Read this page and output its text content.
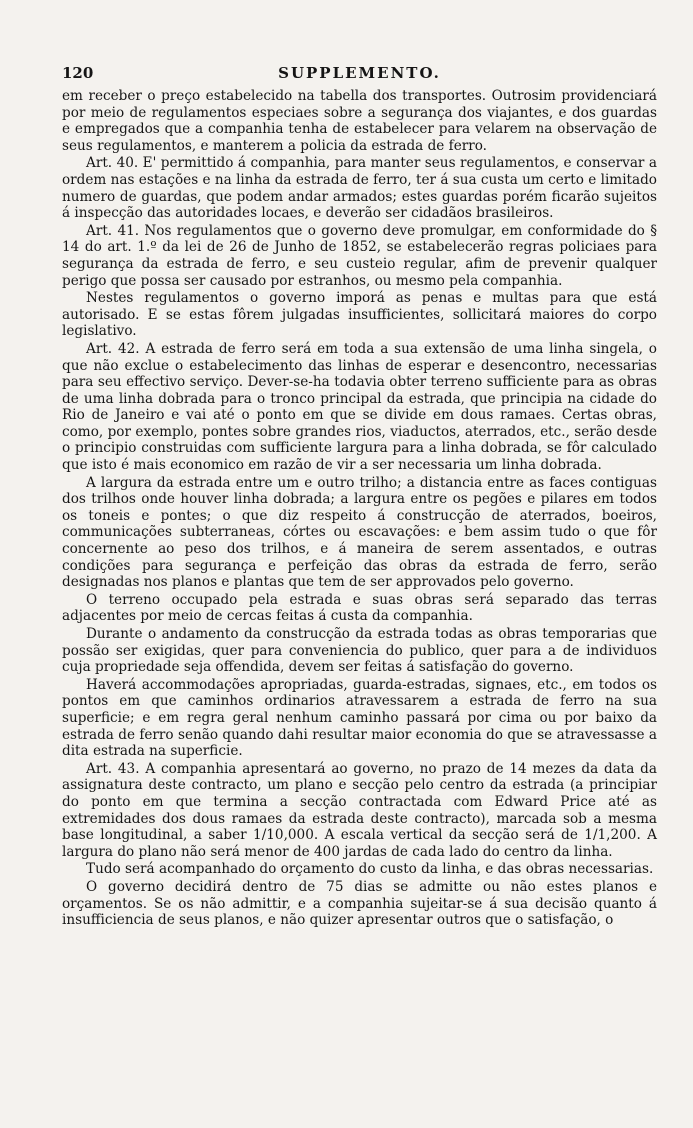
120	SUPPLEMENTO.

em receber o preço estabelecido na tabella dos transportes. Outrosim providenciará por meio de regulamentos especiaes sobre a segurança dos viajantes, e dos guardas e empregados que a companhia tenha de estabelecer para velarem na observação de seus regulamentos, e manterem a policia da estrada de ferro.

Art. 40. E' permittido á companhia, para manter seus regulamentos, e conservar a ordem nas estações e na linha da estrada de ferro, ter á sua custa um certo e limitado numero de guardas, que podem andar armados; estes guardas porém ficarão sujeitos á inspecção das autoridades locaes, e deverão ser cidadãos brasileiros.

Art. 41. Nos regulamentos que o governo deve promulgar, em conformidade do § 14 do art. 1.º da lei de 26 de Junho de 1852, se estabelecerão regras policiaes para segurança da estrada de ferro, e seu custeio regular, afim de prevenir qualquer perigo que possa ser causado por estranhos, ou mesmo pela companhia.

Nestes regulamentos o governo imporá as penas e multas para que está autorisado. E se estas fôrem julgadas insufficientes, sollicitará maiores do corpo legislativo.

Art. 42. A estrada de ferro será em toda a sua extensão de uma linha singela, o que não exclue o estabelecimento das linhas de esperar e desencontro, necessarias para seu effectivo serviço. Dever-se-ha todavia obter terreno sufficiente para as obras de uma linha dobrada para o tronco principal da estrada, que principia na cidade do Rio de Janeiro e vai até o ponto em que se divide em dous ramaes. Certas obras, como, por exemplo, pontes sobre grandes rios, viaductos, aterrados, etc., serão desde o principio construidas com sufficiente largura para a linha dobrada, se fôr calculado que isto é mais economico em razão de vir a ser necessaria um linha dobrada.

A largura da estrada entre um e outro trilho; a distancia entre as faces contiguas dos trilhos onde houver linha dobrada; a largura entre os pegões e pilares em todos os toneis e pontes; o que diz respeito á construcção de aterrados, boeiros, communicações subterraneas, córtes ou escavações: e bem assim tudo o que fôr concernente ao peso dos trilhos, e á maneira de serem assentados, e outras condições para segurança e perfeição das obras da estrada de ferro, serão designadas nos planos e plantas que tem de ser approvados pelo governo.

O terreno occupado pela estrada e suas obras será separado das terras adjacentes por meio de cercas feitas á custa da companhia.

Durante o andamento da construcção da estrada todas as obras temporarias que possão ser exigidas, quer para conveniencia do publico, quer para a de individuos cuja propriedade seja offendida, devem ser feitas á satisfação do governo.

Haverá accommodações apropriadas, guarda-estradas, signaes, etc., em todos os pontos em que caminhos ordinarios atravessarem a estrada de ferro na sua superficie; e em regra geral nenhum caminho passará por cima ou por baixo da estrada de ferro senão quando dahi resultar maior economia do que se atravessasse a dita estrada na superficie.

Art. 43. A companhia apresentará ao governo, no prazo de 14 mezes da data da assignatura deste contracto, um plano e secção pelo centro da estrada (a principiar do ponto em que termina a secção contractada com Edward Price até as extremidades dos dous ramaes da estrada deste contracto), marcada sob a mesma base longitudinal, a saber 1/10,000. A escala vertical da secção será de 1/1,200. A largura do plano não será menor de 400 jardas de cada lado do centro da linha.

Tudo será acompanhado do orçamento do custo da linha, e das obras necessarias.

O governo decidirá dentro de 75 dias se admitte ou não estes planos e orçamentos. Se os não admittir, e a companhia sujeitar-se á sua decisão quanto á insufficiencia de seus planos, e não quizer apresentar outros que o satisfação, o
